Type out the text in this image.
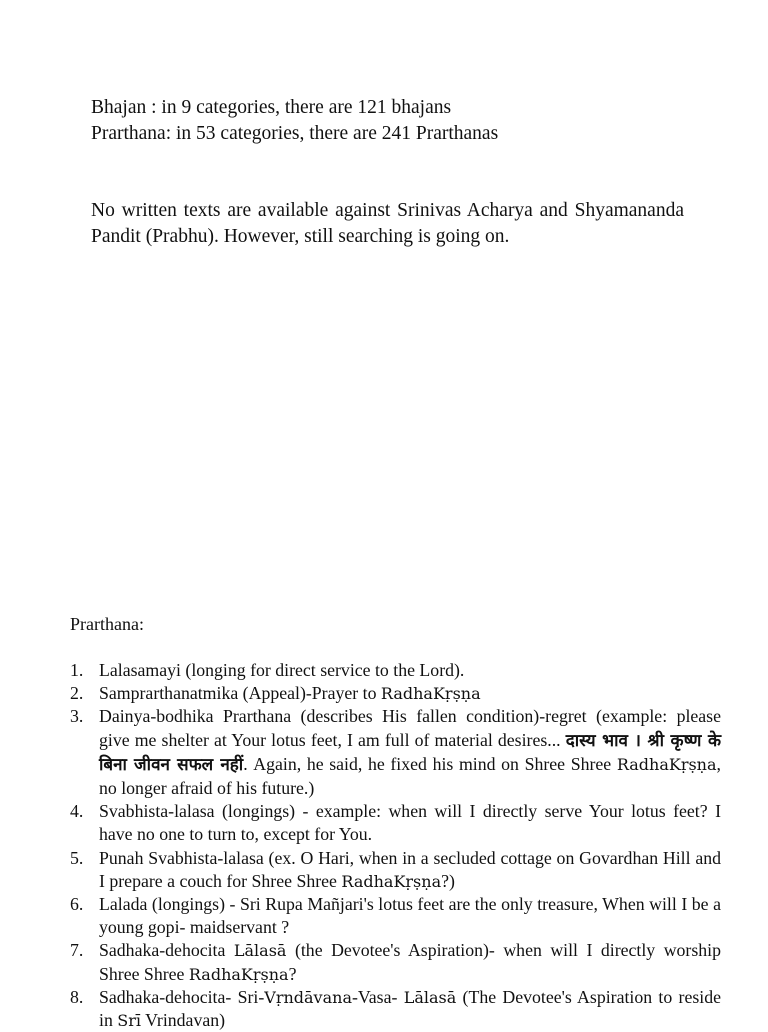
Bhajan : in 9 categories, there are 121 bhajans

Prarthana: in 53 categories, there are 241 Prarthanas

No written texts are available against Srinivas Acharya and Shyamananda Pandit (Prabhu). However, still searching is going on.

Prarthana:

1. Lalasamayi (longing for direct service to the Lord).
2. Samprarthanatmika (Appeal)-Prayer to RadhaKṛṣṇa
3. Dainya-bodhika Prarthana (describes His fallen condition)-regret (example: please give me shelter at Your lotus feet, I am full of material desires... दास्य भाव । श्री कृष्ण के बिना जीवन सफल नहीं. Again, he said, he fixed his mind on Shree Shree RadhaKṛṣṇa, no longer afraid of his future.)
4. Svabhista-lalasa (longings) - example: when will I directly serve Your lotus feet? I have no one to turn to, except for You.
5. Punah Svabhista-lalasa (ex. O Hari, when in a secluded cottage on Govardhan Hill and I prepare a couch for Shree Shree RadhaKṛṣṇa?)
6. Lalada (longings) - Sri Rupa Mañjari's lotus feet are the only treasure, When will I be a young gopi- maidservant ?
7. Sadhaka-dehocita Lālasā (the Devotee's Aspiration)- when will I directly worship Shree Shree RadhaKṛṣṇa?
8. Sadhaka-dehocita- Sri-Vṛndāvana-Vasa- Lālasā (The Devotee's Aspiration to reside in Srī Vrindavan)
